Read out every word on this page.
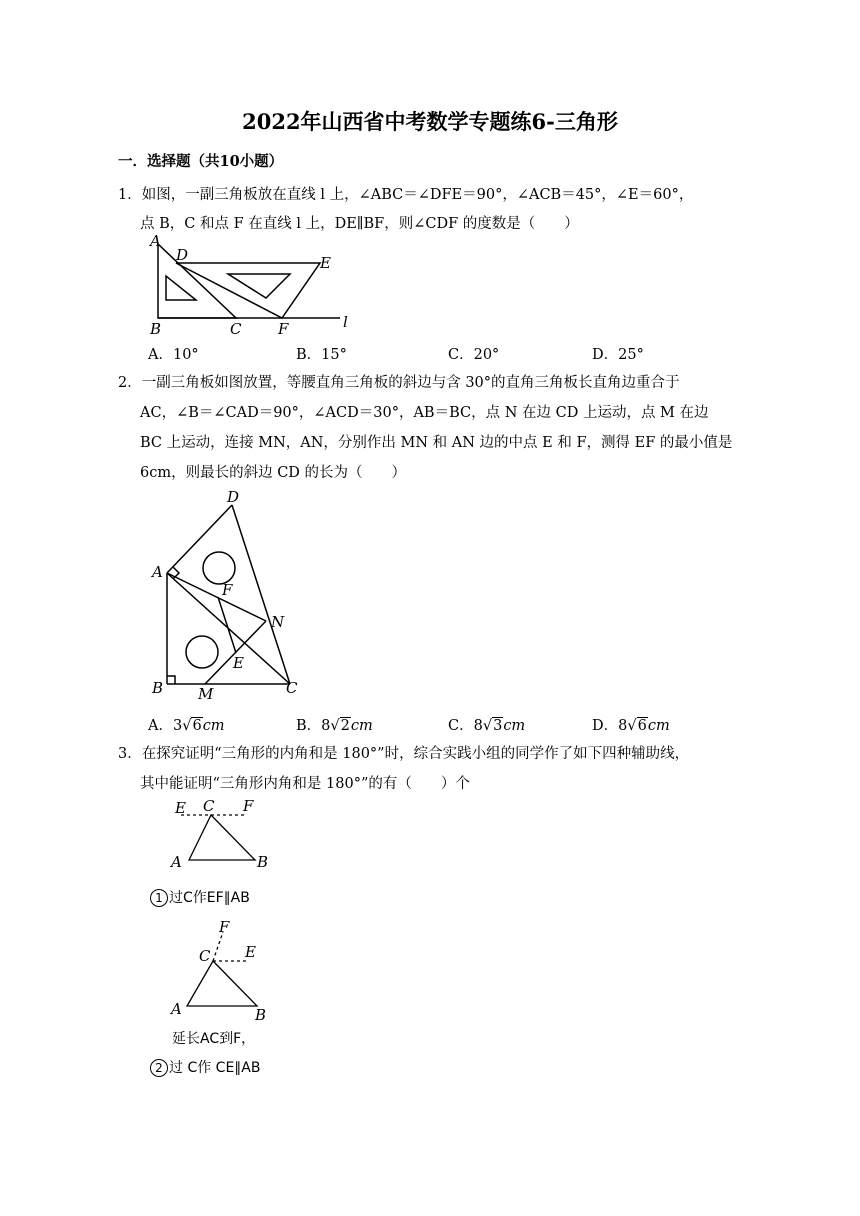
2022年山西省中考数学专题练6-三角形
一．选择题（共10小题）
1．如图，一副三角板放在直线 l 上，∠ABC＝∠DFE＝90°，∠ACB＝45°，∠E＝60°，
点 B，C 和点 F 在直线 l 上，DE∥BF，则∠CDF 的度数是（　　）
A
D	E
B	C F	l
A．10°	B．15°	C．20°	D．25°
2．一副三角板如图放置，等腰直角三角板的斜边与含 30°的直角三角板长直角边重合于
AC，∠B＝∠CAD＝90°，∠ACD＝30°，AB＝BC，点 N 在边 CD 上运动，点 M 在边
BC 上运动，连接 MN，AN，分别作出 MN 和 AN 边的中点 E 和 F，测得 EF 的最小值是
6cm，则最长的斜边 CD 的长为（　　）
D
A
F
N
E
B M	C
A．3√6cm	B．8√2cm	C．8√3cm	D．8√6cm
3．在探究证明“三角形的内角和是 180°”时，综合实践小组的同学作了如下四种辅助线，
其中能证明“三角形内角和是 180°”的有（　　）个
E C F
A	B
1 过C作EF∥AB
F
C E
A	B
延长AC到F，
2 过 C作 CE∥AB
